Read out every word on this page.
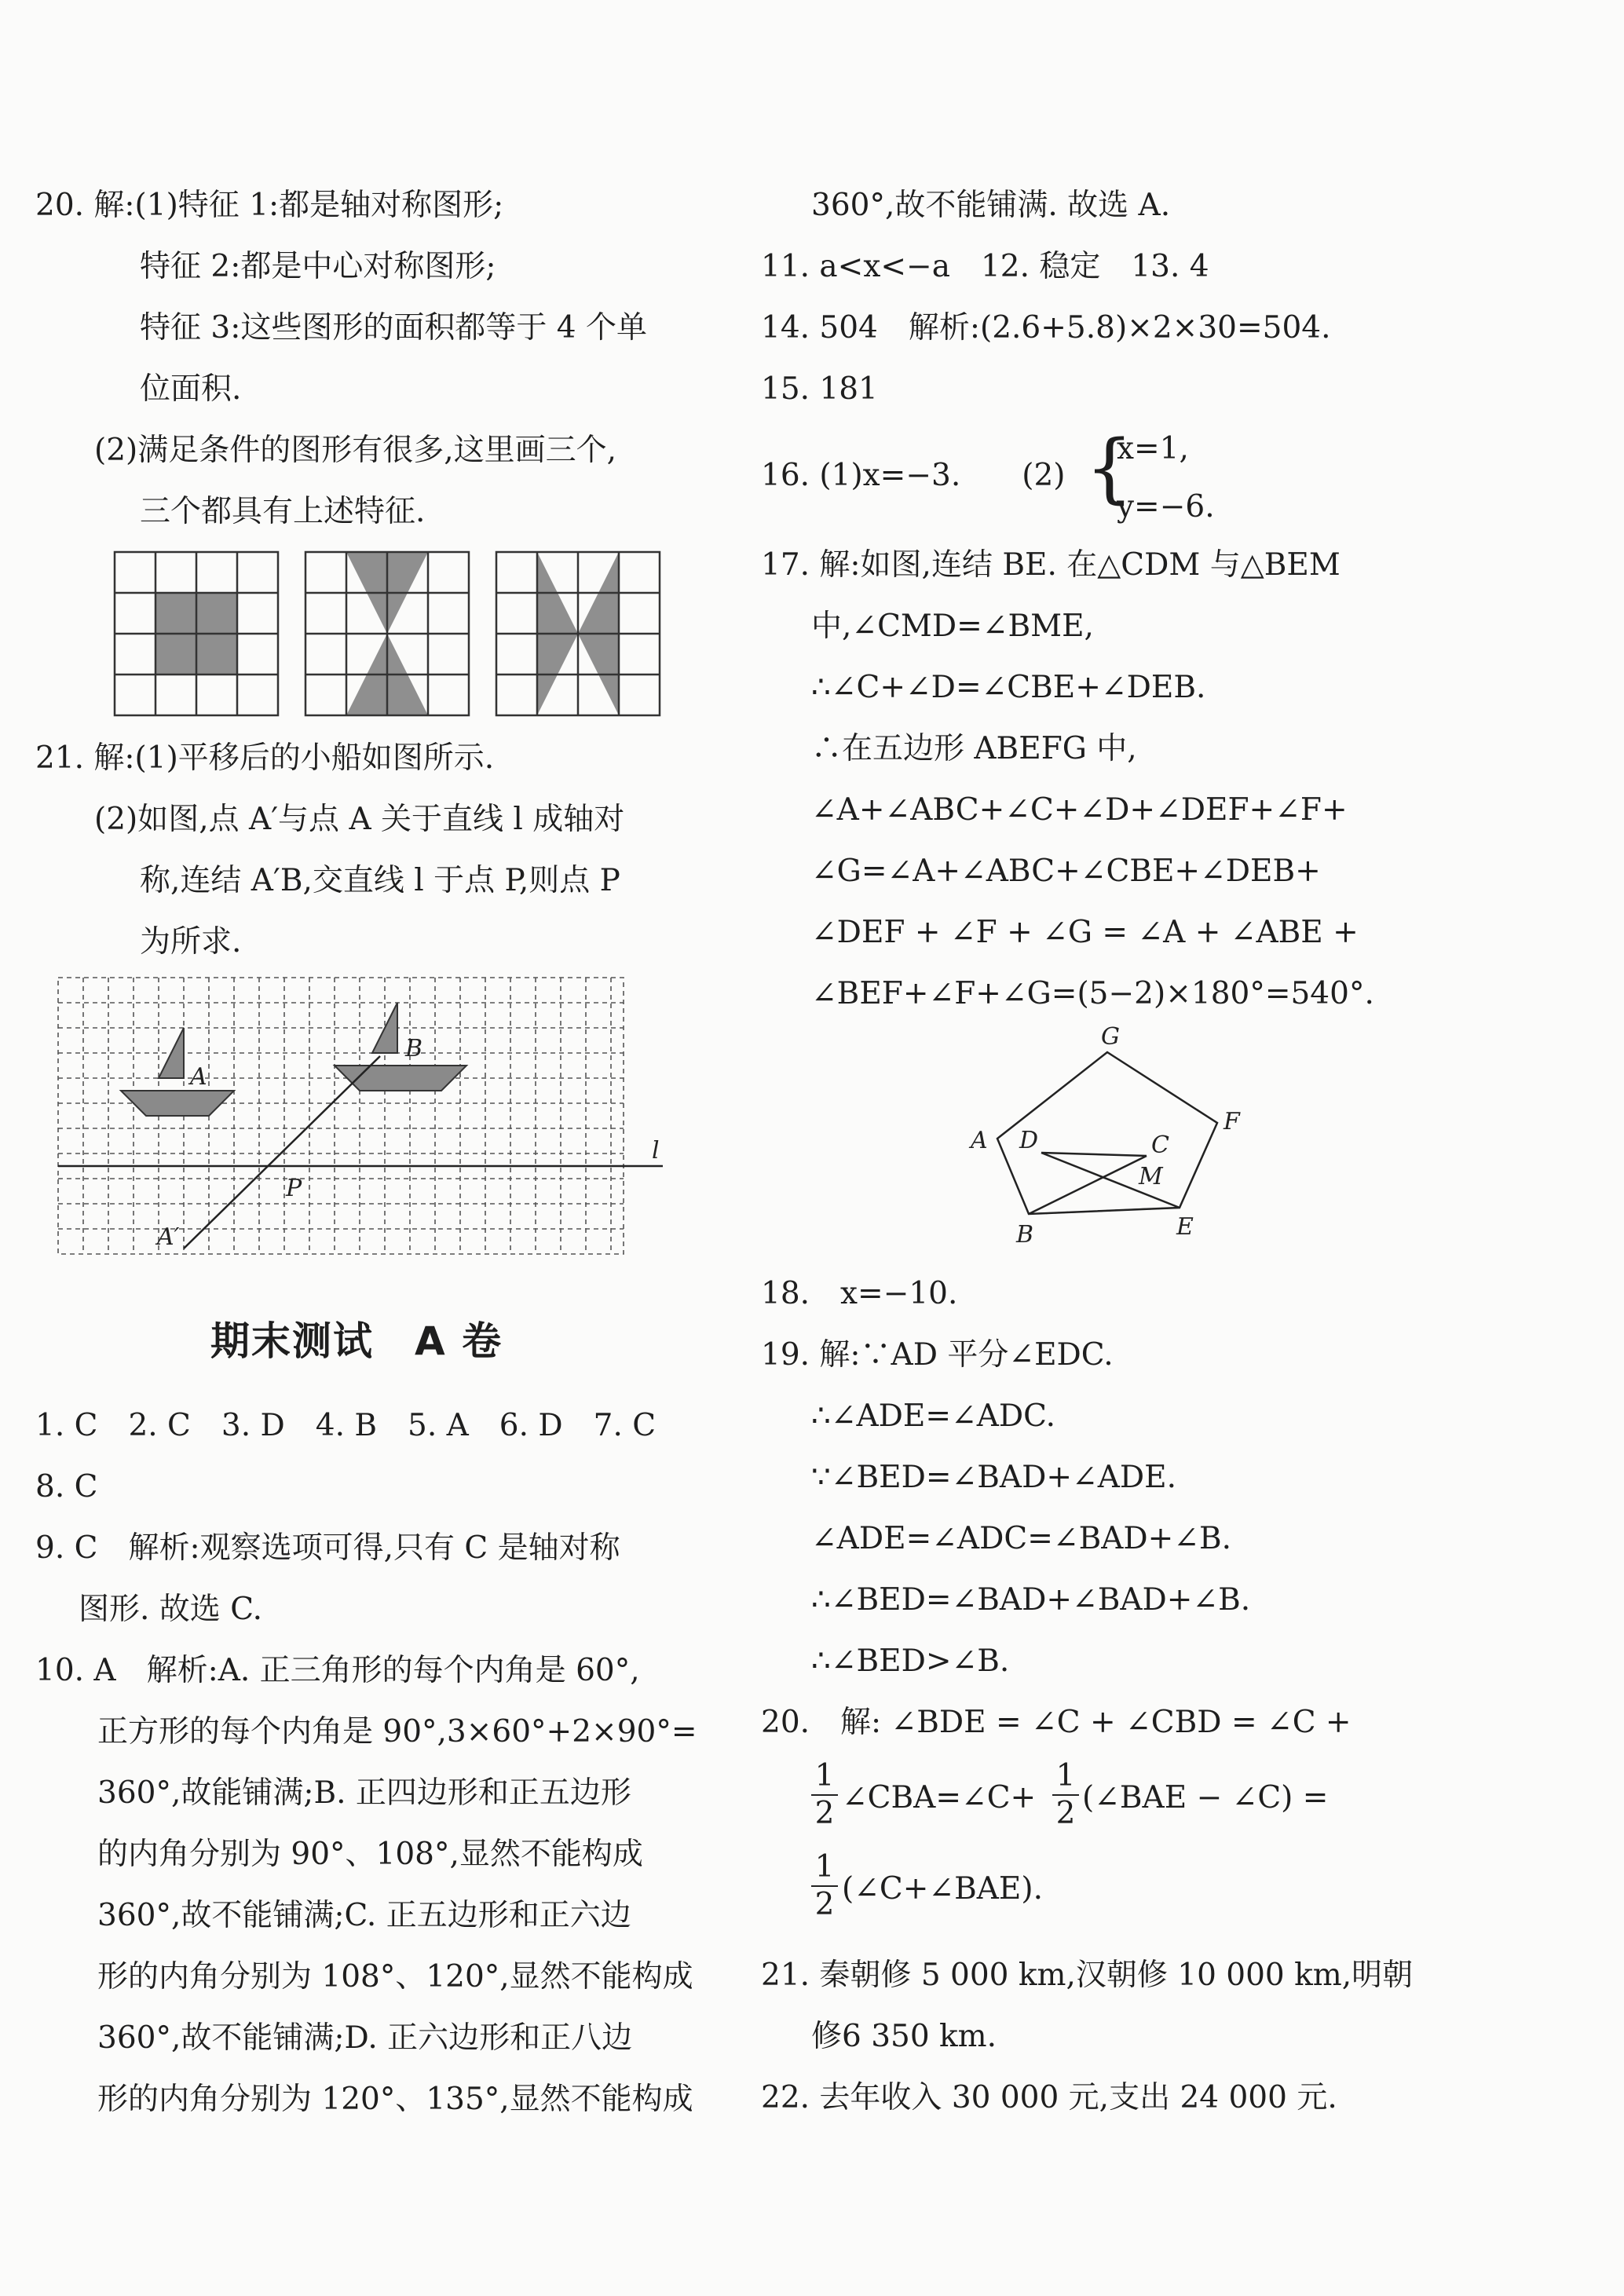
20. 解:(1)特征 1:都是轴对称图形;
特征 2:都是中心对称图形;
特征 3:这些图形的面积都等于 4 个单
位面积.
(2)满足条件的图形有很多,这里画三个,
三个都具有上述特征.
21. 解:(1)平移后的小船如图所示.
(2)如图,点 A′与点 A 关于直线 l 成轴对
称,连结 A′B,交直线 l 于点 P,则点 P
为所求.
A
B
P
A′
l
期末测试　A 卷
1. C　2. C　3. D　4. B　5. A　6. D　7. C
8. C
9. C　解析:观察选项可得,只有 C 是轴对称
图形. 故选 C.
10. A　解析:A. 正三角形的每个内角是 60°,
正方形的每个内角是 90°,3×60°+2×90°=
360°,故能铺满;B. 正四边形和正五边形
的内角分别为 90°、108°,显然不能构成
360°,故不能铺满;C. 正五边形和正六边
形的内角分别为 108°、120°,显然不能构成
360°,故不能铺满;D. 正六边形和正八边
形的内角分别为 120°、135°,显然不能构成
360°,故不能铺满. 故选 A.
11. a<x<−a　12. 稳定　13. 4
14. 504　解析:(2.6+5.8)×2×30=504.
15. 181
16. (1)x=−3.　　(2) {
x=1,
y=−6.
17. 解:如图,连结 BE. 在△CDM 与△BEM
中,∠CMD=∠BME,
∴∠C+∠D=∠CBE+∠DEB.
∴在五边形 ABEFG 中,
∠A+∠ABC+∠C+∠D+∠DEF+∠F+
∠G=∠A+∠ABC+∠CBE+∠DEB+
∠DEF + ∠F + ∠G = ∠A + ∠ABE +
∠BEF+∠F+∠G=(5−2)×180°=540°.
G
A D	C
F
M
B	E
18.　x=−10.
19. 解:∵AD 平分∠EDC.
∴∠ADE=∠ADC.
∵∠BED=∠BAD+∠ADE.
∠ADE=∠ADC=∠BAD+∠B.
∴∠BED=∠BAD+∠BAD+∠B.
∴∠BED>∠B.
20.　解: ∠BDE = ∠C + ∠CBD = ∠C +
1
2 ∠CBA=∠C+
1
2 (∠BAE − ∠C) =
1
2 (∠C+∠BAE).
21. 秦朝修 5 000 km,汉朝修 10 000 km,明朝
修6 350 km.
22. 去年收入 30 000 元,支出 24 000 元.
